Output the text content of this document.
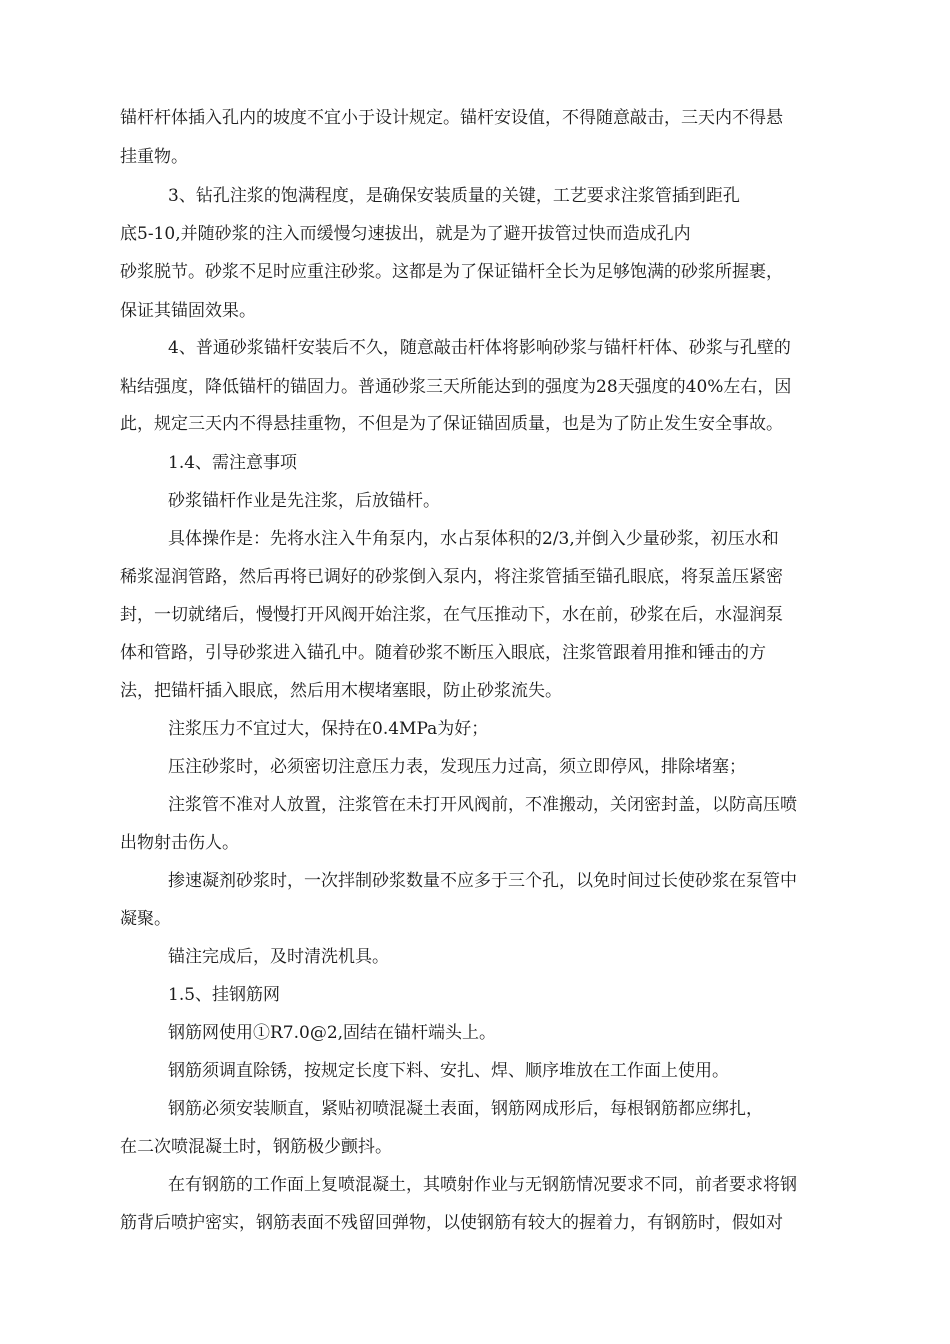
锚杆杆体插入孔内的坡度不宜小于设计规定。锚杆安设值，不得随意敲击，三天内不得悬
挂重物。
3、钻孔注浆的饱满程度，是确保安装质量的关键，工艺要求注浆管插到距孔
底5-10,并随砂浆的注入而缓慢匀速拔出，就是为了避开拔管过快而造成孔内
砂浆脱节。砂浆不足时应重注砂浆。这都是为了保证锚杆全长为足够饱满的砂浆所握裹，
保证其锚固效果。
4、普通砂浆锚杆安装后不久，随意敲击杆体将影响砂浆与锚杆杆体、砂浆与孔壁的
粘结强度，降低锚杆的锚固力。普通砂浆三天所能达到的强度为28天强度的40%左右，因
此，规定三天内不得悬挂重物，不但是为了保证锚固质量，也是为了防止发生安全事故。
1.4、需注意事项
砂浆锚杆作业是先注浆，后放锚杆。
具体操作是：先将水注入牛角泵内，水占泵体积的2/3,并倒入少量砂浆，初压水和
稀浆湿润管路，然后再将已调好的砂浆倒入泵内，将注浆管插至锚孔眼底，将泵盖压紧密
封，一切就绪后，慢慢打开风阀开始注浆，在气压推动下，水在前，砂浆在后，水湿润泵
体和管路，引导砂浆进入锚孔中。随着砂浆不断压入眼底，注浆管跟着用推和锤击的方
法，把锚杆插入眼底，然后用木楔堵塞眼，防止砂浆流失。
注浆压力不宜过大，保持在0.4MPa为好；
压注砂浆时，必须密切注意压力表，发现压力过高，须立即停风，排除堵塞；
注浆管不准对人放置，注浆管在未打开风阀前，不准搬动，关闭密封盖，以防高压喷
出物射击伤人。
掺速凝剂砂浆时，一次拌制砂浆数量不应多于三个孔，以免时间过长使砂浆在泵管中
凝聚。
锚注完成后，及时清洗机具。
1.5、挂钢筋网
钢筋网使用①R7.0@2,固结在锚杆端头上。
钢筋须调直除锈，按规定长度下料、安扎、焊、顺序堆放在工作面上使用。
钢筋必须安装顺直，紧贴初喷混凝土表面，钢筋网成形后，每根钢筋都应绑扎，
在二次喷混凝土时，钢筋极少颤抖。
在有钢筋的工作面上复喷混凝土，其喷射作业与无钢筋情况要求不同，前者要求将钢
筋背后喷护密实，钢筋表面不残留回弹物，以使钢筋有较大的握着力，有钢筋时，假如对
